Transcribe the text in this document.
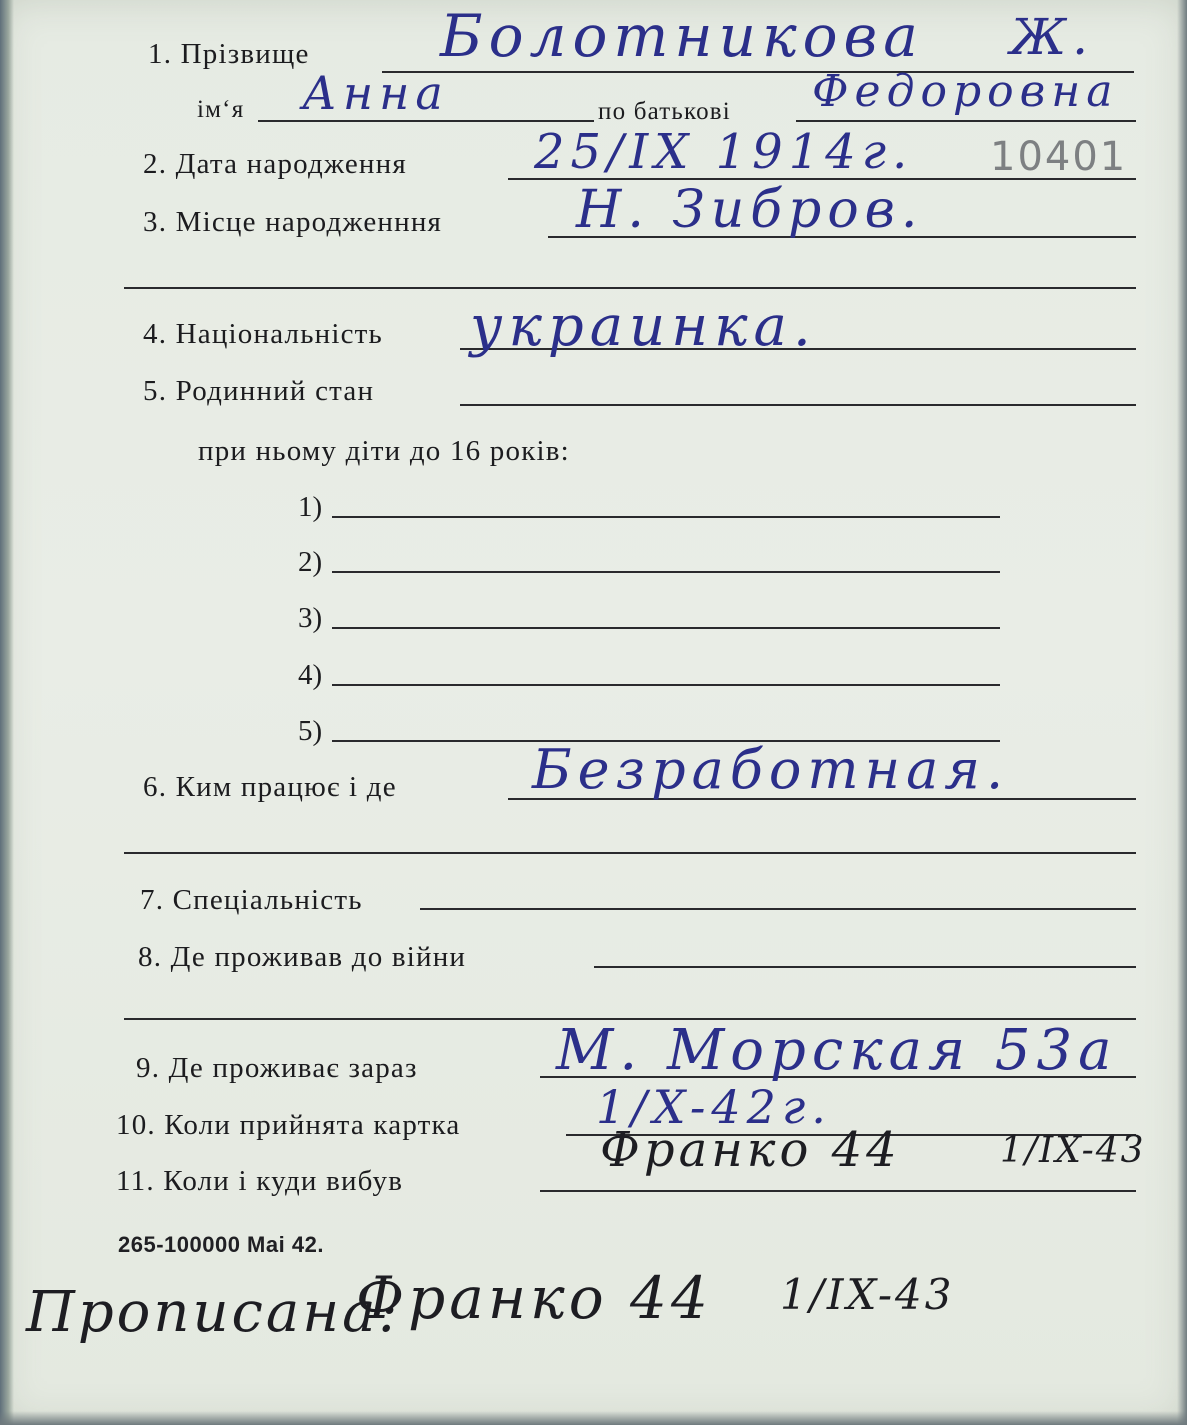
1. Прізвище Болотникова Ж.
ім‘я Анна	по батькові Федоровна
2. Дата народження	25/IX 1914г. 10401
3. Місце народженння	Н. Зибров.
4. Національність украинка.
5. Родинний стан
при ньому діти до 16 років:
1)
2)
3)
4)
5)
6. Ким працює і де	Безработная.
7. Спеціальність
8. Де проживав до війни
9. Де проживає зараз М. Морская 53а
10. Коли прийнята картка	1/X-42г.
11. Коли і куди вибув
Франко 44	1/IX-43
265-100000 Mai 42.
Прописана:
Франко 44 1/IX-43
